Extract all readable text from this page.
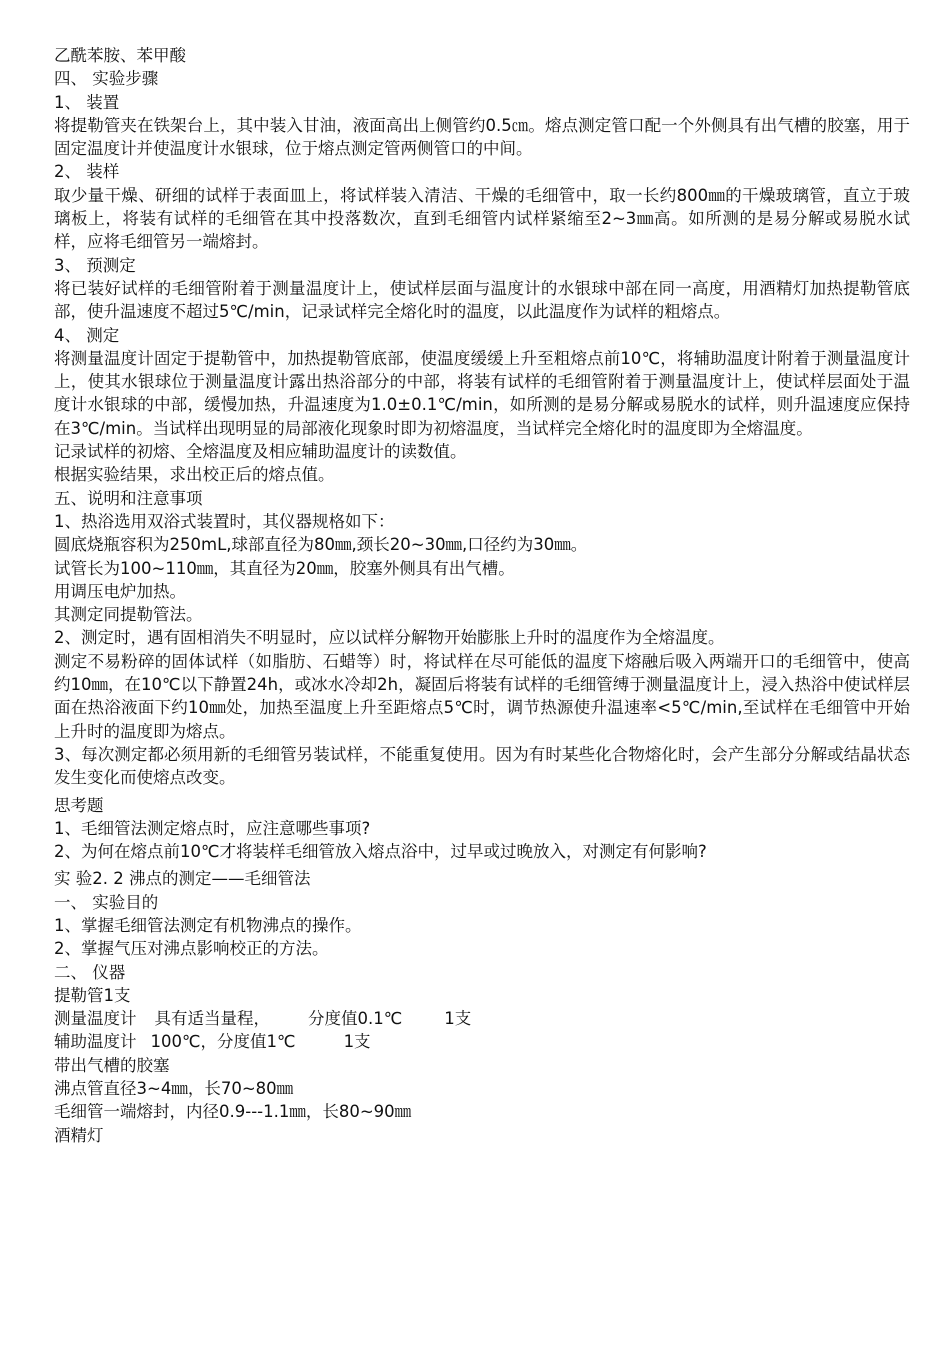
乙酰苯胺、苯甲酸
四、 实验步骤
1、 装置
将提勒管夹在铁架台上，其中装入甘油，液面高出上侧管约0.5㎝。熔点测定管口配一个外侧具有出气槽的胶塞，用于固定温度计并使温度计水银球，位于熔点测定管两侧管口的中间。
2、 装样
取少量干燥、研细的试样于表面皿上，将试样装入清洁、干燥的毛细管中，取一长约800㎜的干燥玻璃管，直立于玻璃板上，将装有试样的毛细管在其中投落数次，直到毛细管内试样紧缩至2~3㎜高。如所测的是易分解或易脱水试样，应将毛细管另一端熔封。
3、 预测定
将已装好试样的毛细管附着于测量温度计上，使试样层面与温度计的水银球中部在同一高度，用酒精灯加热提勒管底部，使升温速度不超过5℃/min，记录试样完全熔化时的温度，以此温度作为试样的粗熔点。
4、 测定
将测量温度计固定于提勒管中，加热提勒管底部，使温度缓缓上升至粗熔点前10℃，将辅助温度计附着于测量温度计上，使其水银球位于测量温度计露出热浴部分的中部，将装有试样的毛细管附着于测量温度计上，使试样层面处于温度计水银球的中部，缓慢加热，升温速度为1.0±0.1℃/min，如所测的是易分解或易脱水的试样，则升温速度应保持在3℃/min。当试样出现明显的局部液化现象时即为初熔温度，当试样完全熔化时的温度即为全熔温度。
记录试样的初熔、全熔温度及相应辅助温度计的读数值。
根据实验结果，求出校正后的熔点值。
五、说明和注意事项
1、热浴选用双浴式装置时，其仪器规格如下：
圆底烧瓶容积为250mL,球部直径为80㎜,颈长20~30㎜,口径约为30㎜。
试管长为100~110㎜，其直径为20㎜，胶塞外侧具有出气槽。
用调压电炉加热。
其测定同提勒管法。
2、测定时，遇有固相消失不明显时，应以试样分解物开始膨胀上升时的温度作为全熔温度。
测定不易粉碎的固体试样（如脂肪、石蜡等）时，将试样在尽可能低的温度下熔融后吸入两端开口的毛细管中，使高约10㎜，在10℃以下静置24h，或冰水冷却2h，凝固后将装有试样的毛细管缚于测量温度计上，浸入热浴中使试样层面在热浴液面下约10㎜处，加热至温度上升至距熔点5℃时，调节热源使升温速率<5℃/min,至试样在毛细管中开始上升时的温度即为熔点。
3、每次测定都必须用新的毛细管另装试样，不能重复使用。因为有时某些化合物熔化时，会产生部分分解或结晶状态发生变化而使熔点改变。
思考题
1、毛细管法测定熔点时，应注意哪些事项?
2、为何在熔点前10℃才将装样毛细管放入熔点浴中，过早或过晚放入，对测定有何影响?
实 验2. 2 沸点的测定——毛细管法
一、 实验目的
1、掌握毛细管法测定有机物沸点的操作。
2、掌握气压对沸点影响校正的方法。
二、 仪器
提勒管1支
测量温度计 具有适当量程， 分度值0.1℃	1支
辅助温度计 100℃，分度值1℃	1支
带出气槽的胶塞
沸点管直径3~4㎜，长70~80㎜
毛细管一端熔封，内径0.9---1.1㎜，长80~90㎜
酒精灯
